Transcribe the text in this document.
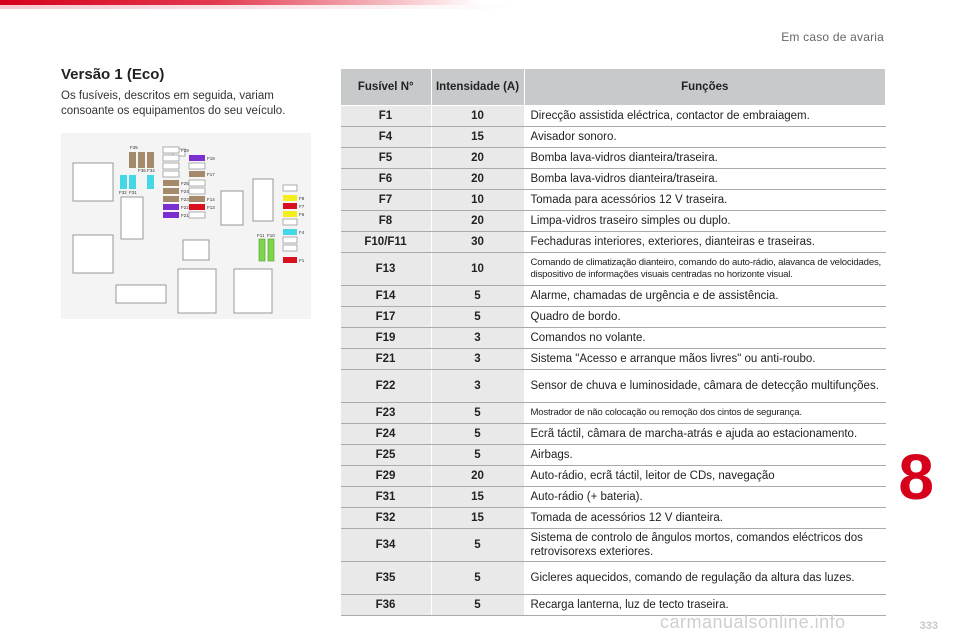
Em caso de avaria
Versão 1 (Eco)
Os fusíveis, descritos em seguida, variam consoante os equipamentos do seu veículo.
F35
F36 F34
F32 F31
F29
F19
F17
F25
F24
F23
F22
F21
F14
F13
F8
F7
F6
F4
F1
F11 F10
Fusível N°	Intensidade (A)	Funções
F1	10	Direcção assistida eléctrica, contactor de embraiagem.
F4	15	Avisador sonoro.
F5	20	Bomba lava-vidros dianteira/traseira.
F6	20	Bomba lava-vidros dianteira/traseira.
F7	10	Tomada para acessórios 12 V traseira.
F8	20	Limpa-vidros traseiro simples ou duplo.
F10/F11	30	Fechaduras interiores, exteriores, dianteiras e traseiras.
F13	10	Comando de climatização dianteiro, comando do auto-rádio, alavanca de velocidades, dispositivo de informações visuais centradas no horizonte visual.
F14	5	Alarme, chamadas de urgência e de assistência.
F17	5	Quadro de bordo.
F19	3	Comandos no volante.
F21	3	Sistema "Acesso e arranque mãos livres" ou anti-roubo.
F22	3	Sensor de chuva e luminosidade, câmara de detecção multifunções.
F23	5	Mostrador de não colocação ou remoção dos cintos de segurança.
F24	5	Ecrã táctil, câmara de marcha-atrás e ajuda ao estacionamento.
F25	5	Airbags.
F29	20	Auto-rádio, ecrã táctil, leitor de CDs, navegação
F31	15	Auto-rádio (+ bateria).
F32	15	Tomada de acessórios 12 V dianteira.
F34	5	Sistema de controlo de ângulos mortos, comandos eléctricos dos retrovisorexs exteriores.
F35	5	Gicleres aquecidos, comando de regulação da altura das luzes.
F36	5	Recarga lanterna, luz de tecto traseira.
8
333
carmanualsonline.info
